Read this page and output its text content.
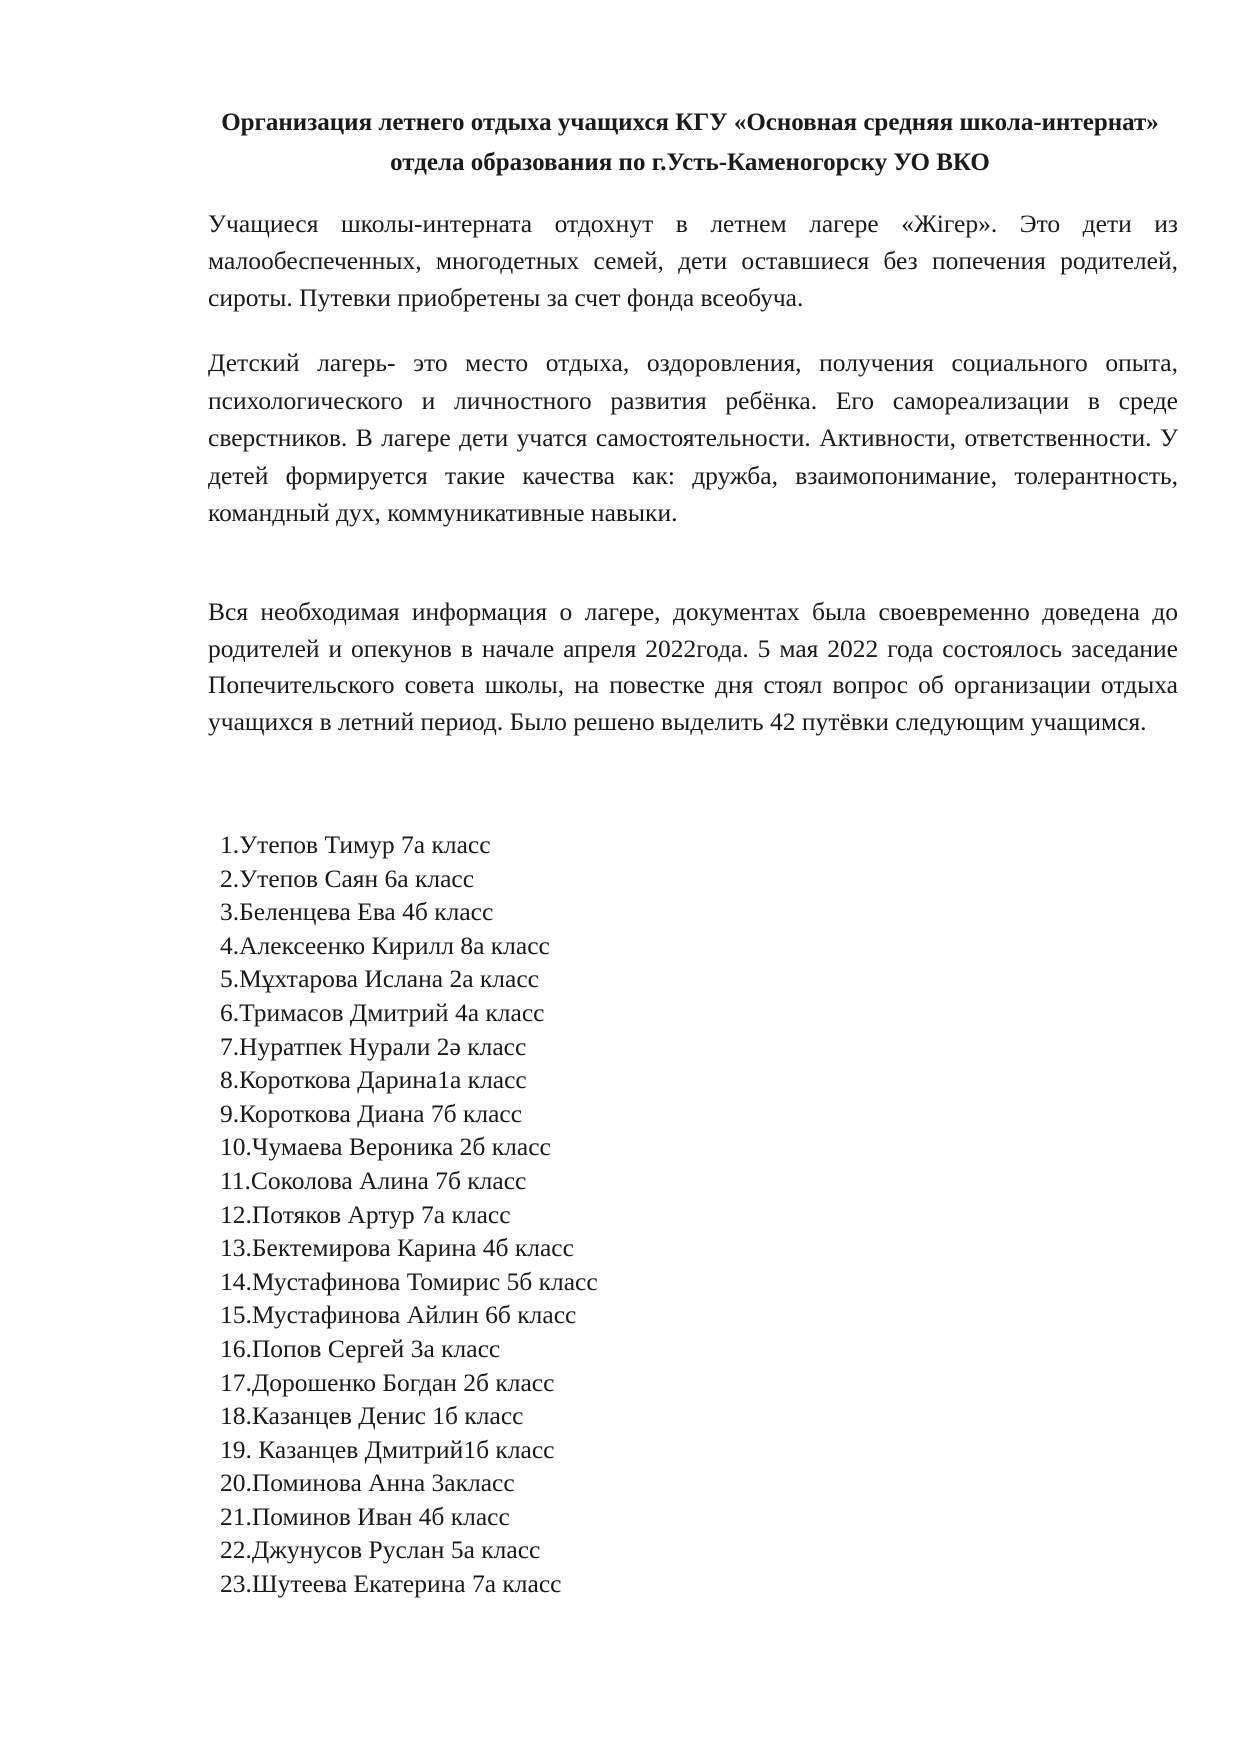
Организация летнего отдыха учащихся КГУ «Основная средняя школа-интернат» отдела образования по г.Усть-Каменогорску УО ВКО

Учащиеся школы-интерната отдохнут в летнем лагере «Жігер». Это дети из малообеспеченных, многодетных семей, дети оставшиеся без попечения родителей, сироты. Путевки приобретены за счет фонда всеобуча.

Детский лагерь- это место отдыха, оздоровления, получения социального опыта, психологического и личностного развития ребёнка. Его самореализации в среде сверстников. В лагере дети учатся самостоятельности. Активности, ответственности. У детей формируется такие качества как: дружба, взаимопонимание, толерантность, командный дух, коммуникативные навыки.

Вся необходимая информация о лагере, документах была своевременно доведена до родителей и опекунов в начале апреля 2022года. 5 мая 2022 года состоялось заседание Попечительского совета школы, на повестке дня стоял вопрос об организации отдыха учащихся в летний период. Было решено выделить 42 путёвки следующим учащимся.

1.Утепов Тимур 7а класс
2.Утепов Саян 6а класс
3.Беленцева Ева 4б класс
4.Алексеенко Кирилл 8а класс
5.Мұхтарова Ислана 2а класс
6.Тримасов Дмитрий 4а класс
7.Нуратпек Нурали 2ә класс
8.Короткова Дарина1а класс
9.Короткова Диана 7б класс
10.Чумаева Вероника 2б класс
11.Соколова Алина 7б класс
12.Потяков Артур 7а класс
13.Бектемирова Карина 4б класс
14.Мустафинова Томирис 5б класс
15.Мустафинова Айлин 6б класс
16.Попов Сергей 3а класс
17.Дорошенко Богдан 2б класс
18.Казанцев Денис 1б класс
19. Казанцев Дмитрий1б класс
20.Поминова Анна 3акласс
21.Поминов Иван 4б класс
22.Джунусов Руслан 5а класс
23.Шутеева Екатерина 7а класс
